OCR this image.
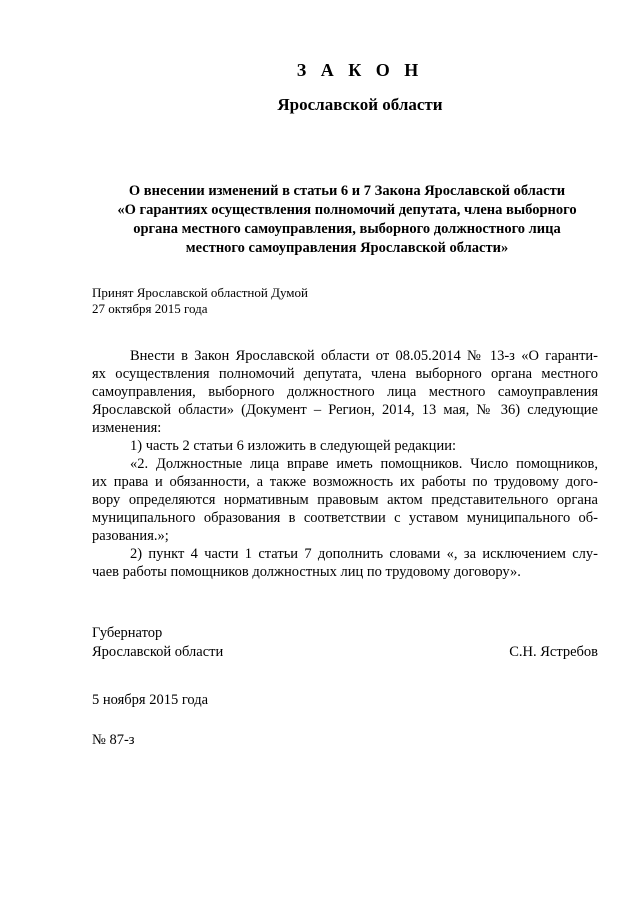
З А К О Н
Ярославской области
О внесении изменений в статьи 6 и 7 Закона Ярославской области
«О гарантиях осуществления полномочий депутата, члена выборного
органа местного самоуправления, выборного должностного лица
местного самоуправления Ярославской области»
Принят Ярославской областной Думой
27 октября 2015 года
Внести в Закон Ярославской области от 08.05.2014 № 13-з «О гаранти-
ях осуществления полномочий депутата, члена выборного органа местного
самоуправления, выборного должностного лица местного самоуправления
Ярославской области» (Документ – Регион, 2014, 13 мая, № 36) следующие
изменения:
1) часть 2 статьи 6 изложить в следующей редакции:
«2. Должностные лица вправе иметь помощников. Число помощников,
их права и обязанности, а также возможность их работы по трудовому дого-
вору определяются нормативным правовым актом представительного органа
муниципального образования в соответствии с уставом муниципального об-
разования.»;
2) пункт 4 части 1 статьи 7 дополнить словами «, за исключением слу-
чаев работы помощников должностных лиц по трудовому договору».
Губернатор
Ярославской области	С.Н. Ястребов
5 ноября 2015 года
№ 87-з
